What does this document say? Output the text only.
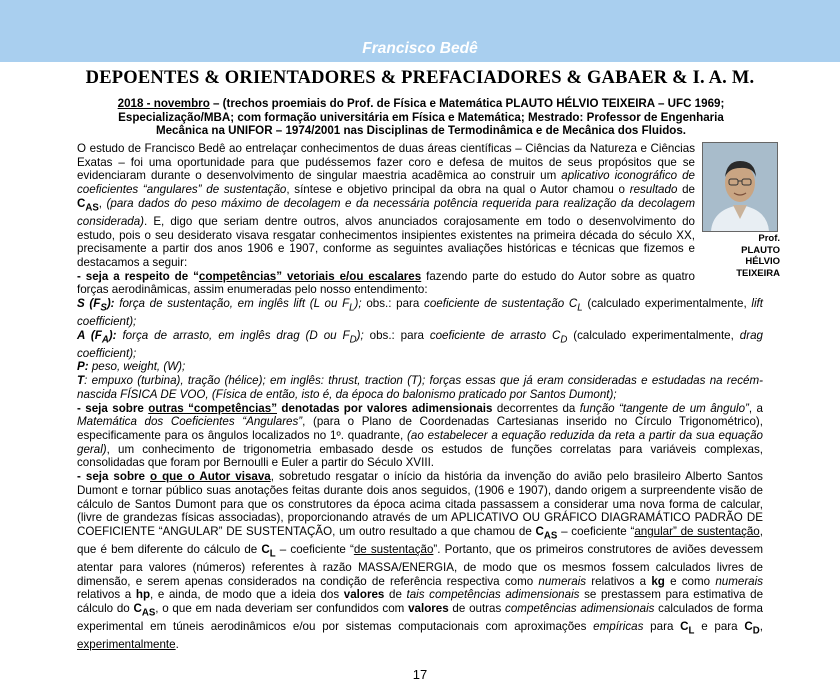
Francisco Bedê
DEPOENTES & ORIENTADORES & PREFACIADORES & GABAER & I. A. M.
2018 - novembro – (trechos proemiais do Prof. de Física e Matemática PLAUTO HÉLVIO TEIXEIRA – UFC 1969; Especialização/MBA; com formação universitária em Física e Matemática; Mestrado: Professor de Engenharia Mecânica na UNIFOR – 1974/2001 nas Disciplinas de Termodinâmica e de Mecânica dos Fluidos.
Prof.
PLAUTO
HÉLVIO
TEIXEIRA

O estudo de Francisco Bedê ao entrelaçar conhecimentos de duas áreas científicas – Ciências da Natureza e Ciências Exatas – foi uma oportunidade para que pudéssemos fazer coro e defesa de muitos de seus propósitos que se evidenciaram durante o desenvolvimento de singular maestria acadêmica ao construir um aplicativo iconográfico de coeficientes “angulares” de sustentação, síntese e objetivo principal da obra na qual o Autor chamou o resultado de $C_{AS}$, (para dados do peso máximo de decolagem e da necessária potência requerida para realização da decolagem considerada). E, digo que seriam dentre outros, alvos anunciados corajosamente em todo o desenvolvimento do estudo, pois o seu desiderato visava resgatar conhecimentos insipientes existentes na primeira década do século XX, precisamente a partir dos anos 1906 e 1907, conforme as seguintes avaliações históricas e técnicas que fizemos e destacamos a seguir:

- seja a respeito de “competências” vetoriais e/ou escalares fazendo parte do estudo do Autor sobre as quatro forças aerodinâmicas, assim enumeradas pelo nosso entendimento:

S $(F_S)$: força de sustentação, em inglês lift (L ou $F_L$); obs.: para coeficiente de sustentação $C_L$ (calculado experimentalmente, lift coefficient);

A $(F_A)$: força de arrasto, em inglês drag (D ou $F_D$); obs.: para coeficiente de arrasto $C_D$ (calculado experimentalmente, drag coefficient);

P: peso, weight, (W);

T: empuxo (turbina), tração (hélice); em inglês: thrust, traction (T); forças essas que já eram consideradas e estudadas na recém-nascida FÍSICA DE VOO, (Física de então, isto é, da época do balonismo praticado por Santos Dumont);

- seja sobre outras “competências” denotadas por valores adimensionais decorrentes da função “tangente de um ângulo”, a Matemática dos Coeficientes “Angulares”, (para o Plano de Coordenadas Cartesianas inserido no Círculo Trigonométrico), especificamente para os ângulos localizados no 1º. quadrante, (ao estabelecer a equação reduzida da reta a partir da sua equação geral), um conhecimento de trigonometria embasado desde os estudos de funções correlatas para variáveis complexas, consolidadas que foram por Bernoulli e Euler a partir do Século XVIII.

- seja sobre o que o Autor visava, sobretudo resgatar o início da história da invenção do avião pelo brasileiro Alberto Santos Dumont e tornar público suas anotações feitas durante dois anos seguidos, (1906 e 1907), dando origem a surpreendente visão de cálculo de Santos Dumont para que os construtores da época acima citada passassem a considerar uma nova forma de calcular, (livre de grandezas físicas associadas), proporcionando através de um APLICATIVO OU GRÁFICO DIAGRAMÁTICO PADRÃO DE COEFICIENTE “ANGULAR” DE SUSTENTAÇÃO, um outro resultado a que chamou de $C_{AS}$ – coeficiente “angular” de sustentação, que é bem diferente do cálculo de $C_L$ – coeficiente “de sustentação”. Portanto, que os primeiros construtores de aviões devessem atentar para valores (números) referentes à razão MASSA/ENERGIA, de modo que os mesmos fossem calculados livres de dimensão, e serem apenas considerados na condição de referência respectiva como numerais relativos a kg e como numerais relativos a hp, e ainda, de modo que a ideia dos valores de tais competências adimensionais se prestassem para estimativa de cálculo do $C_{AS}$, o que em nada deveriam ser confundidos com valores de outras competências adimensionais calculados de forma experimental em túneis aerodinâmicos e/ou por sistemas computacionais com aproximações empíricas para $C_L$ e para $C_D$, experimentalmente.

17
